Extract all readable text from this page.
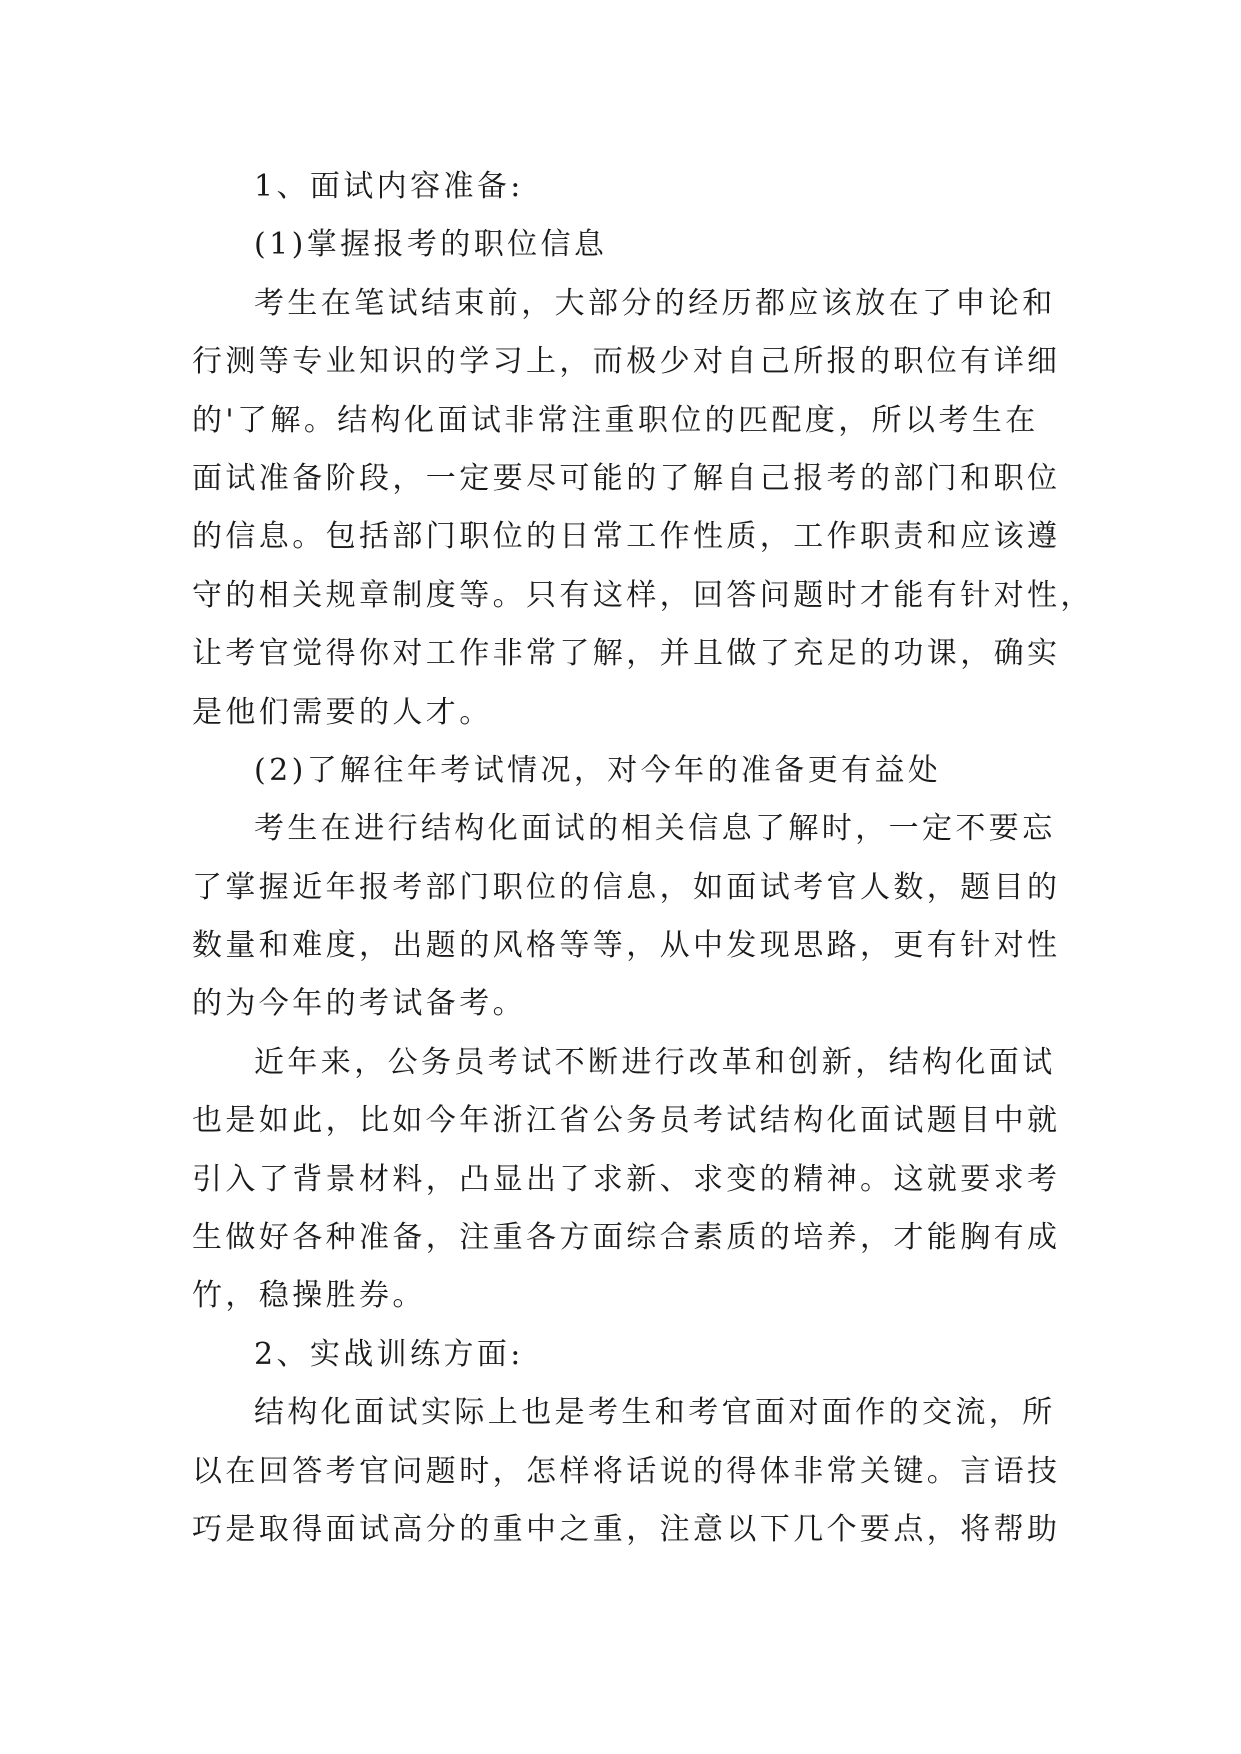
1、面试内容准备:
(1)掌握报考的职位信息
考生在笔试结束前，大部分的经历都应该放在了申论和
行测等专业知识的学习上，而极少对自己所报的职位有详细
的'了解。结构化面试非常注重职位的匹配度，所以考生在
面试准备阶段，一定要尽可能的了解自己报考的部门和职位
的信息。包括部门职位的日常工作性质，工作职责和应该遵
守的相关规章制度等。只有这样，回答问题时才能有针对性，
让考官觉得你对工作非常了解，并且做了充足的功课，确实
是他们需要的人才。
(2)了解往年考试情况，对今年的准备更有益处
考生在进行结构化面试的相关信息了解时，一定不要忘
了掌握近年报考部门职位的信息，如面试考官人数，题目的
数量和难度，出题的风格等等，从中发现思路，更有针对性
的为今年的考试备考。
近年来，公务员考试不断进行改革和创新，结构化面试
也是如此，比如今年浙江省公务员考试结构化面试题目中就
引入了背景材料，凸显出了求新、求变的精神。这就要求考
生做好各种准备，注重各方面综合素质的培养，才能胸有成
竹，稳操胜券。
2、实战训练方面:
结构化面试实际上也是考生和考官面对面作的交流，所
以在回答考官问题时，怎样将话说的得体非常关键。言语技
巧是取得面试高分的重中之重，注意以下几个要点，将帮助
